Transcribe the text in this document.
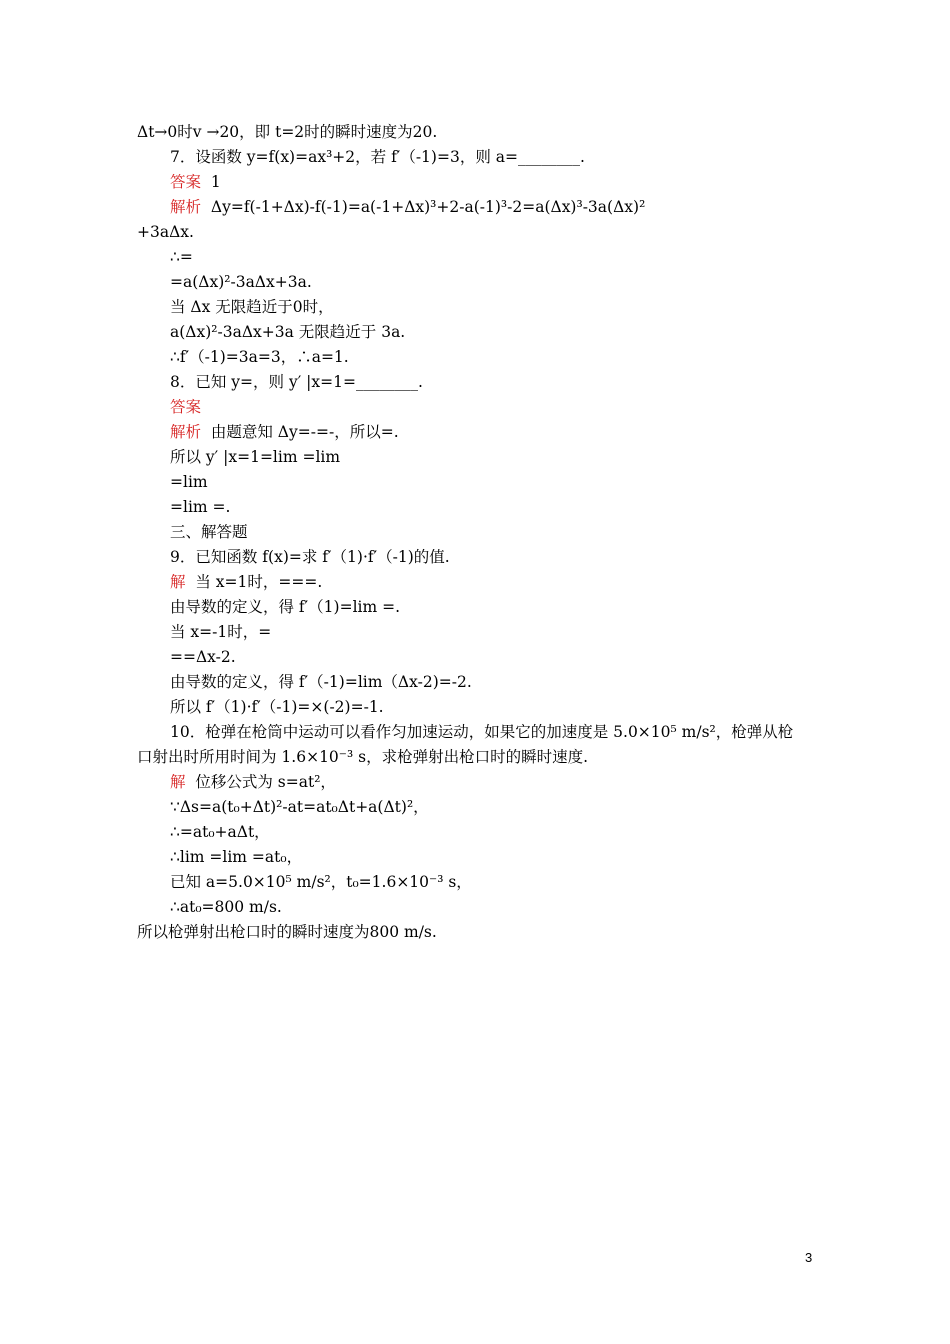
Δt→0时v →20，即 t=2时的瞬时速度为20.
7．设函数 y=f(x)=ax³+2，若 f′（-1)=3，则 a=________.
答案 1
解析 Δy=f(-1+Δx)-f(-1)=a(-1+Δx)³+2-a(-1)³-2=a(Δx)³-3a(Δx)²
+3aΔx.
∴=
=a(Δx)²-3aΔx+3a.
当 Δx 无限趋近于0时，
a(Δx)²-3aΔx+3a 无限趋近于 3a.
∴f′（-1)=3a=3，∴a=1.
8．已知 y=，则 y′ |x=1=________.
答案
解析 由题意知 Δy=-=-，所以=.
所以 y′ |x=1=lim =lim
=lim
=lim =.
三、解答题
9．已知函数 f(x)=求 f′（1)·f′（-1)的值.
解 当 x=1时，===.
由导数的定义，得 f′（1)=lim =.
当 x=-1时，=
==Δx-2.
由导数的定义，得 f′（-1)=lim（Δx-2)=-2.
所以 f′（1)·f′（-1)=×(-2)=-1.
10．枪弹在枪筒中运动可以看作匀加速运动，如果它的加速度是 5.0×10⁵ m/s²，枪弹从枪
口射出时所用时间为 1.6×10⁻³ s，求枪弹射出枪口时的瞬时速度.
解 位移公式为 s=at²，
∵Δs=a(t₀+Δt)²-at=at₀Δt+a(Δt)²，
∴=at₀+aΔt，
∴lim =lim =at₀，
已知 a=5.0×10⁵ m/s²，t₀=1.6×10⁻³ s，
∴at₀=800 m/s.
所以枪弹射出枪口时的瞬时速度为800 m/s.
3
